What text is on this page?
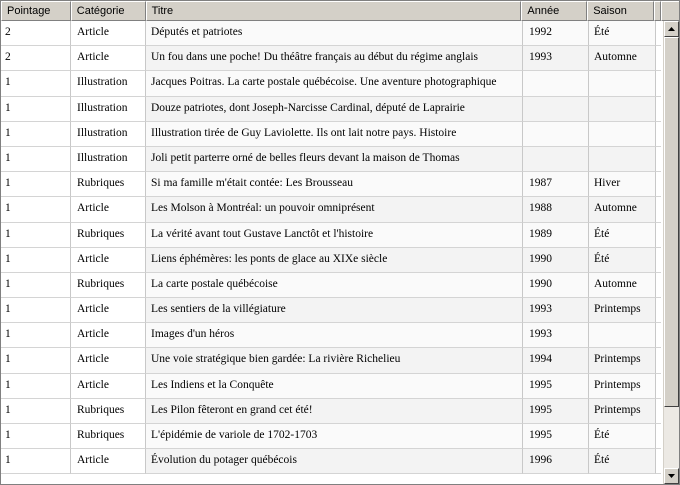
Pointage	Catégorie	Titre	Année	Saison
2	Article	Députés et patriotes	1992	Été
2	Article	Un fou dans une poche! Du théâtre français au début du régime anglais	1993	Automne
1	Illustration	Jacques Poitras. La carte postale québécoise. Une aventure photographique
1	Illustration	Douze patriotes, dont Joseph-Narcisse Cardinal, député de Laprairie
1	Illustration	Illustration tirée de Guy Laviolette. Ils ont lait notre pays. Histoire
1	Illustration	Joli petit parterre orné de belles fleurs devant la maison de Thomas
1	Rubriques	Si ma famille m'était contée: Les Brousseau	1987	Hiver
1	Article	Les Molson à Montréal: un pouvoir omniprésent	1988	Automne
1	Rubriques	La vérité avant tout Gustave Lanctôt et l'histoire	1989	Été
1	Article	Liens éphémères: les ponts de glace au XIXe siècle	1990	Été
1	Rubriques	La carte postale québécoise	1990	Automne
1	Article	Les sentiers de la villégiature	1993	Printemps
1	Article	Images d'un héros	1993
1	Article	Une voie stratégique bien gardée: La rivière Richelieu	1994	Printemps
1	Article	Les Indiens et la Conquête	1995	Printemps
1	Rubriques	Les Pilon fêteront en grand cet été!	1995	Printemps
1	Rubriques	L'épidémie de variole de 1702-1703	1995	Été
1	Article	Évolution du potager québécois	1996	Été
